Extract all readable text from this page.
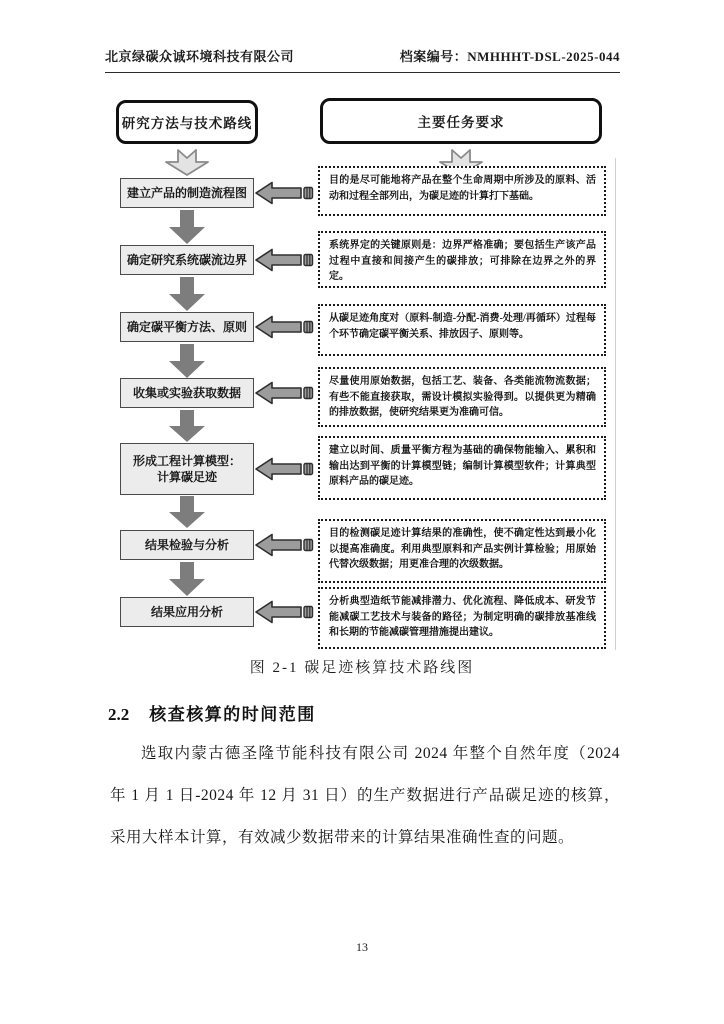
北京绿碳众诚环境科技有限公司	档案编号：NMHHHT-DSL-2025-044
研究方法与技术路线	主要任务要求
建立产品的制造流程图
确定研究系统碳流边界
确定碳平衡方法、原则
收集或实验获取数据
形成工程计算模型：
计算碳足迹
结果检验与分析
结果应用分析
目的是尽可能地将产品在整个生命周期中所涉及的原料、活动和过程全部列出，为碳足迹的计算打下基础。
系统界定的关键原则是：边界严格准确；要包括生产该产品过程中直接和间接产生的碳排放；可排除在边界之外的界定。
从碳足迹角度对（原料-制造-分配-消费-处理/再循环）过程每个环节确定碳平衡关系、排放因子、原则等。
尽量使用原始数据，包括工艺、装备、各类能流物流数据；有些不能直接获取，需设计模拟实验得到。以提供更为精确的排放数据，使研究结果更为准确可信。
建立以时间、质量平衡方程为基础的确保物能输入、累积和输出达到平衡的计算模型链；编制计算模型软件；计算典型原料产品的碳足迹。
目的检测碳足迹计算结果的准确性，使不确定性达到最小化以提高准确度。利用典型原料和产品实例计算检验；用原始代替次级数据；用更准合理的次级数据。
分析典型造纸节能减排潜力、优化流程、降低成本、研发节能减碳工艺技术与装备的路径；为制定明确的碳排放基准线和长期的节能减碳管理措施提出建议。
图 2-1 碳足迹核算技术路线图
2.2 核查核算的时间范围

选取内蒙古德圣隆节能科技有限公司 2024 年整个自然年度（2024 年 1 月 1 日-2024 年 12 月 31 日）的生产数据进行产品碳足迹的核算，采用大样本计算，有效减少数据带来的计算结果准确性查的问题。

13
